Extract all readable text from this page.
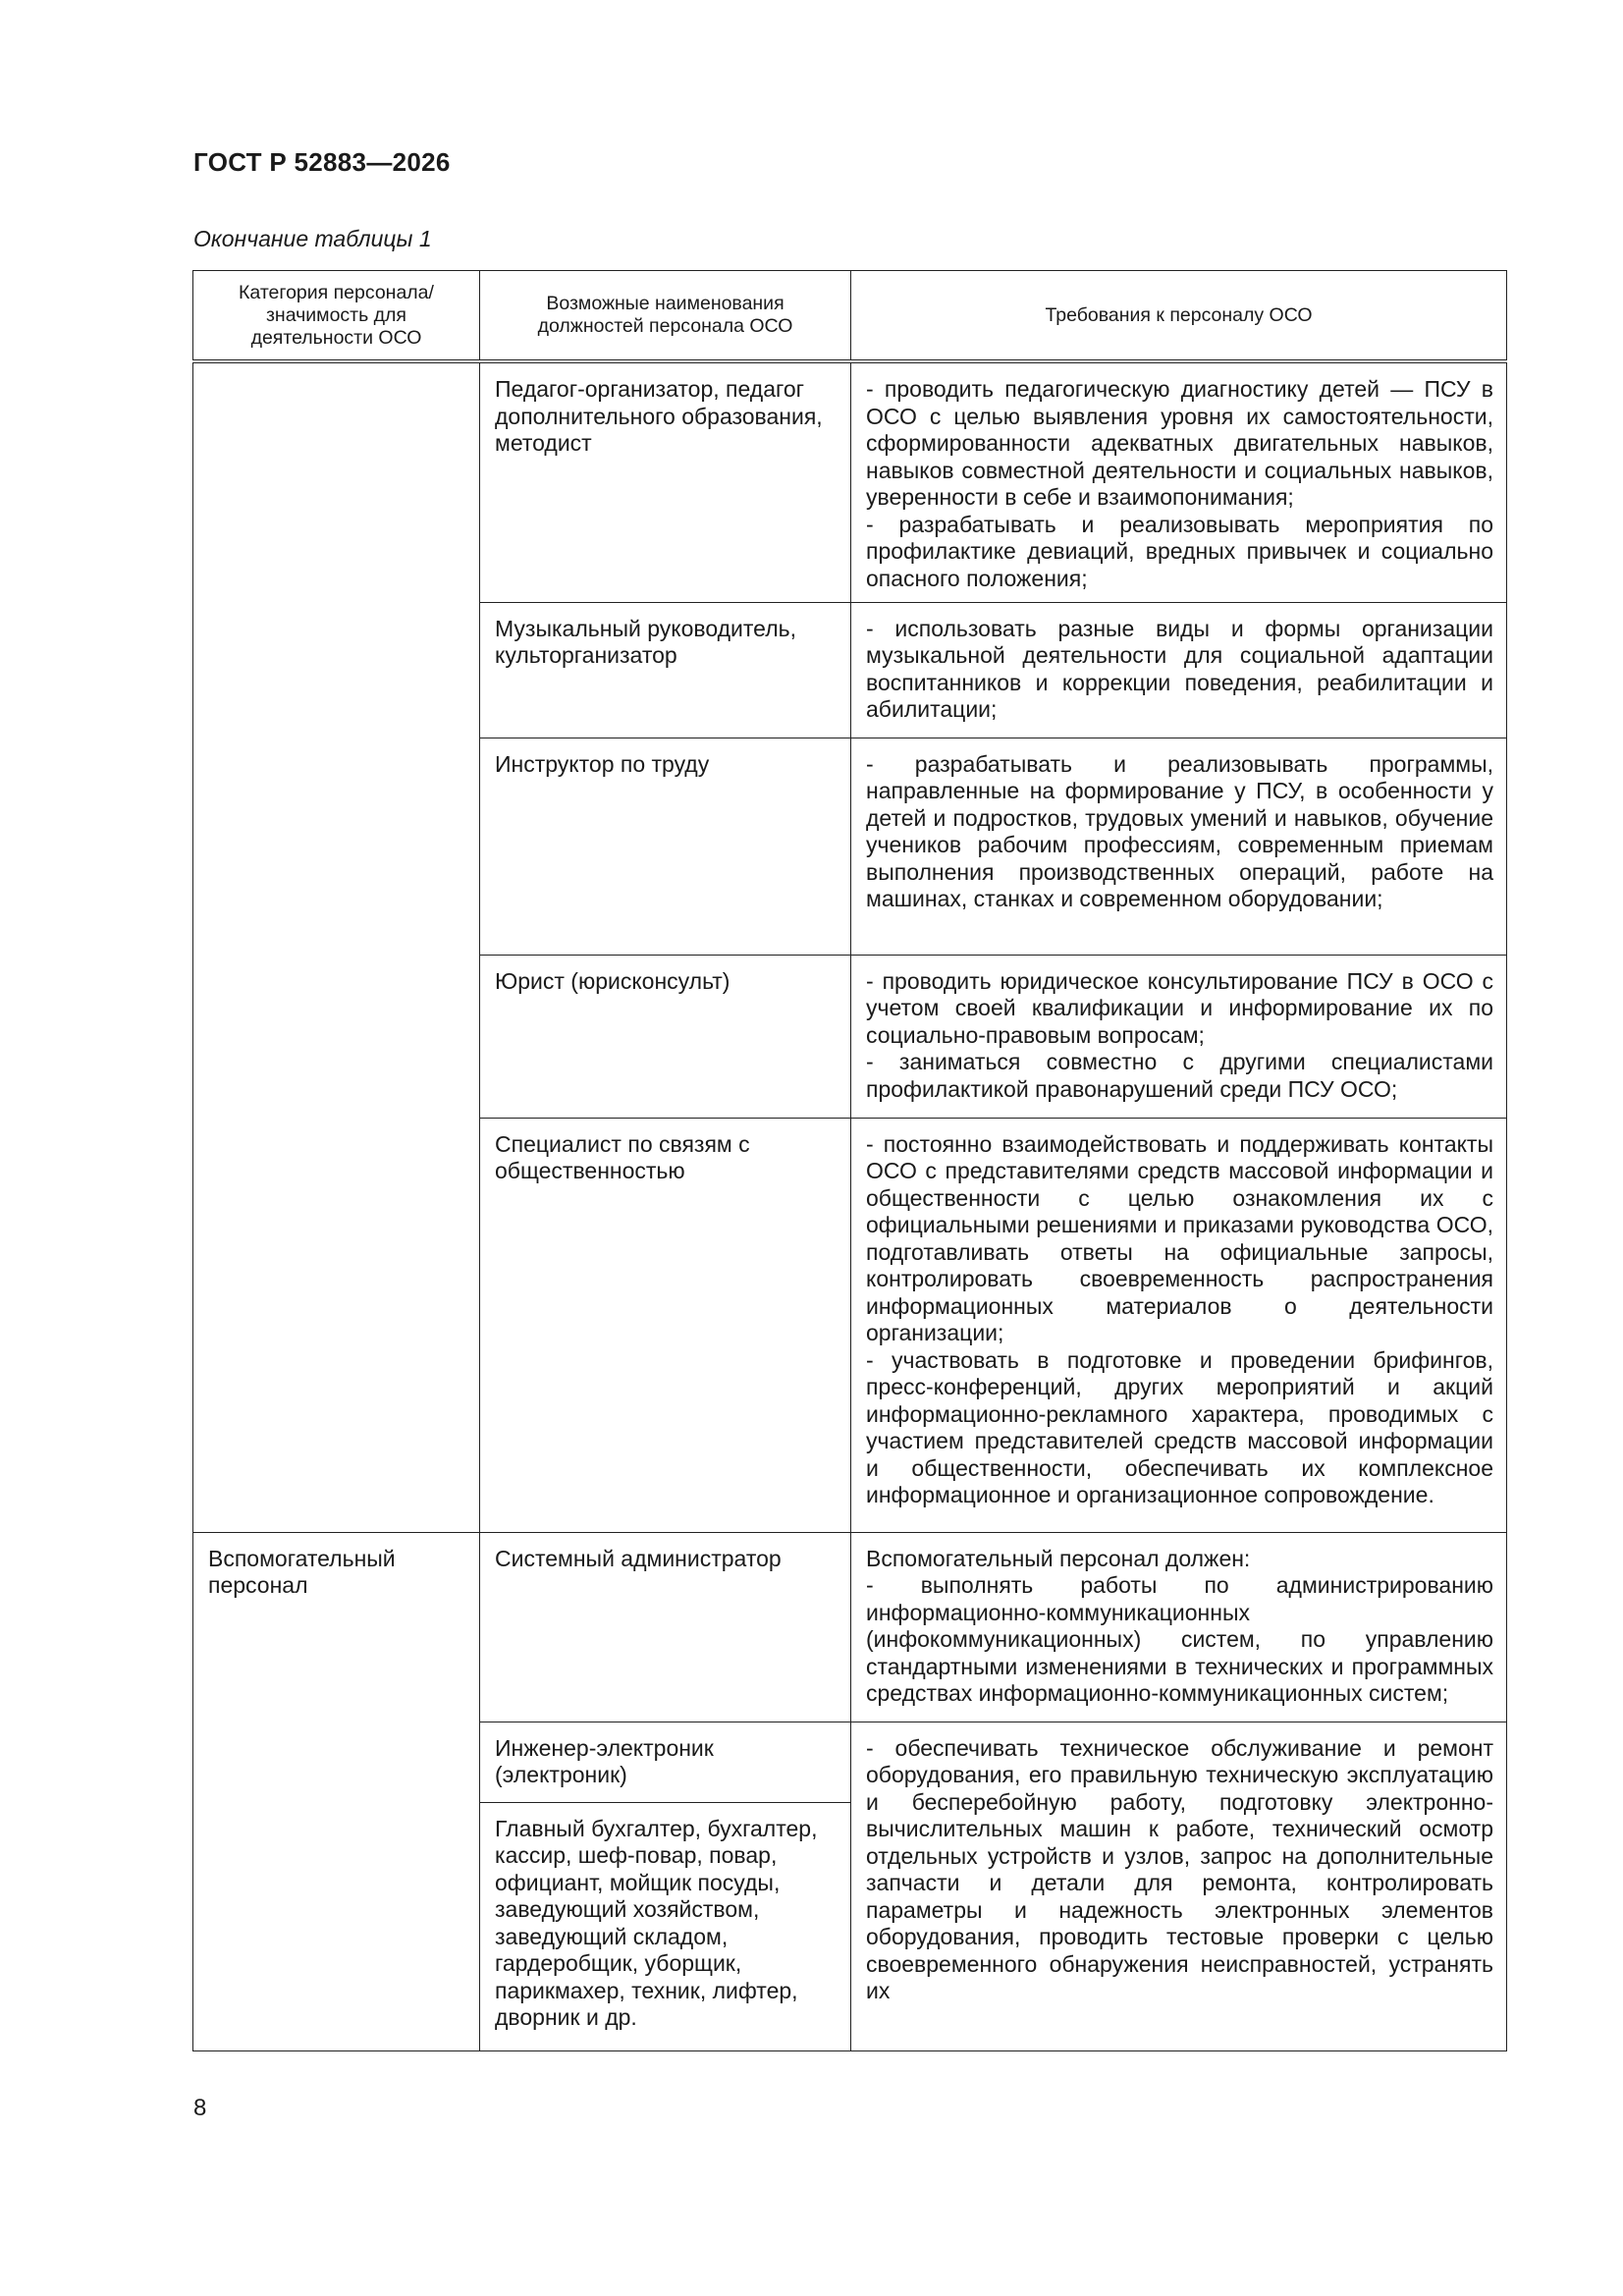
ГОСТ Р 52883—2026
Окончание таблицы 1
Категория персонала/ значимость для деятельности ОСО	Возможные наименования должностей персонала ОСО	Требования к персоналу ОСО
	Педагог-организатор, педагог дополнительного образования, методист	- проводить педагогическую диагностику детей — ПСУ в ОСО с целью выявления уровня их самостоятельности, сформированности адекватных двигательных навыков, навыков совместной деятельности и социальных навыков, уверенности в себе и взаимопонимания;
- разрабатывать и реализовывать мероприятия по профилактике девиаций, вредных привычек и социально опасного положения;
	Музыкальный руководитель, культорганизатор	- использовать разные виды и формы организации музыкальной деятельности для социальной адаптации воспитанников и коррекции поведения, реабилитации и абилитации;
	Инструктор по труду	- разрабатывать и реализовывать программы, направленные на формирование у ПСУ, в особенности у детей и подростков, трудовых умений и навыков, обучение учеников рабочим профессиям, современным приемам выполнения производственных операций, работе на машинах, станках и современном оборудовании;
	Юрист (юрисконсульт)	- проводить юридическое консультирование ПСУ в ОСО с учетом своей квалификации и информирование их по социально-правовым вопросам;
- заниматься совместно с другими специалистами профилактикой правонарушений среди ПСУ ОСО;
	Специалист по связям с общественностью	- постоянно взаимодействовать и поддерживать контакты ОСО с представителями средств массовой информации и общественности с целью ознакомления их с официальными решениями и приказами руководства ОСО, подготавливать ответы на официальные запросы, контролировать своевременность распространения информационных материалов о деятельности организации;
- участвовать в подготовке и проведении брифингов, пресс-конференций, других мероприятий и акций информационно-рекламного характера, проводимых с участием представителей средств массовой информации и общественности, обеспечивать их комплексное информационное и организационное сопровождение.
Вспомогательный персонал	Системный администратор	Вспомогательный персонал должен:
- выполнять работы по администрированию информационно-коммуникационных (инфокоммуникационных) систем, по управлению стандартными изменениями в технических и программных средствах информационно-коммуникационных систем;
	Инженер-электроник (электроник)	- обеспечивать техническое обслуживание и ремонт оборудования, его правильную техническую эксплуатацию и бесперебойную работу, подготовку электронно-вычислительных машин к работе, технический осмотр отдельных устройств и узлов, запрос на дополнительные запчасти и детали для ремонта, контролировать параметры и надежность электронных элементов оборудования, проводить тестовые проверки с целью своевременного обнаружения неисправностей, устранять их
	Главный бухгалтер, бухгалтер, кассир, шеф-повар, повар, официант, мойщик посуды, заведующий хозяйством, заведующий складом, гардеробщик, уборщик, парикмахер, техник, лифтер, дворник и др.	
8
